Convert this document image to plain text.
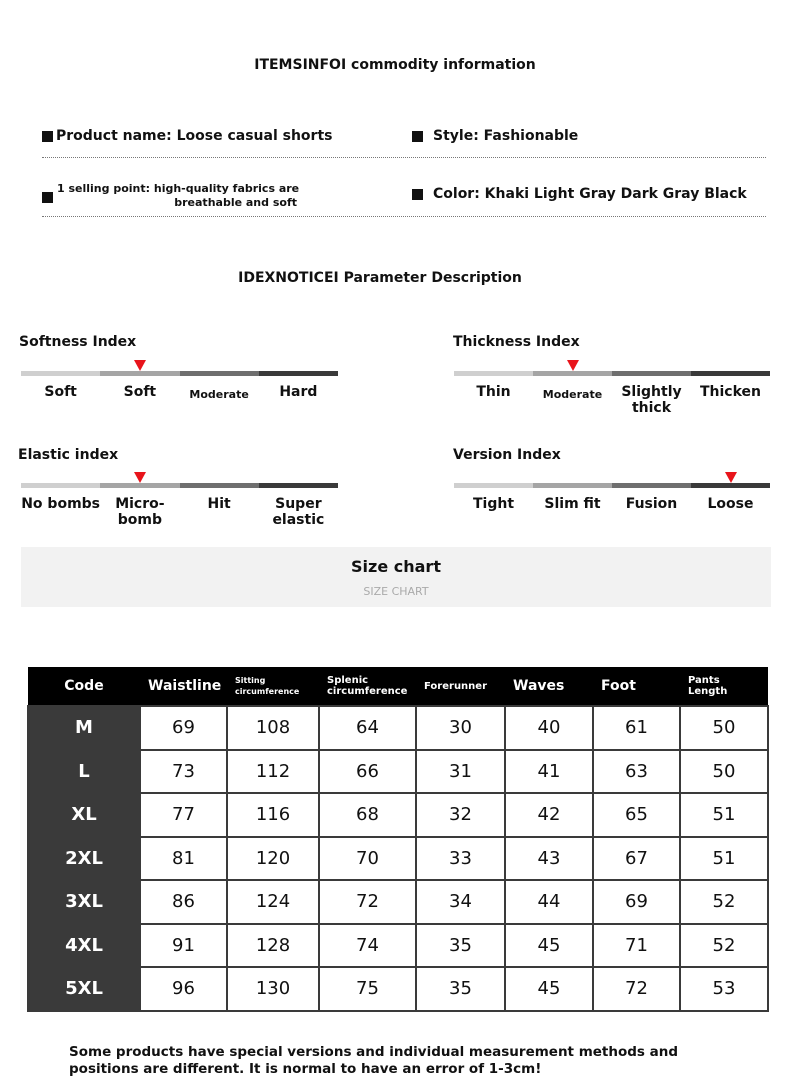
ITEMSINFOI commodity information
Product name: Loose casual shorts	Style: Fashionable
1 selling point: high-quality fabrics are
breathable and soft
Color: Khaki Light Gray Dark Gray Black
IDEXNOTICEI Parameter Description
Softness Index
Soft	Soft	Moderate	Hard
Thickness Index
Thin	Moderate	Slightly thick
Thicken
Elastic index
No bombs	Micro-bomb
Hit	Super elastic
Version Index
Tight	Slim fit	Fusion	Loose
Size chart
SIZE CHART
Code	Waistline	Sitting circumference	Splenic circumference	Forerunner	Waves	Foot	Pants Length
M	69	108	64	30	40	61	50
L	73	112	66	31	41	63	50
XL	77	116	68	32	42	65	51
2XL	81	120	70	33	43	67	51
3XL	86	124	72	34	44	69	52
4XL	91	128	74	35	45	71	52
5XL	96	130	75	35	45	72	53
Some products have special versions and individual measurement methods and positions are different. It is normal to have an error of 1-3cm!
